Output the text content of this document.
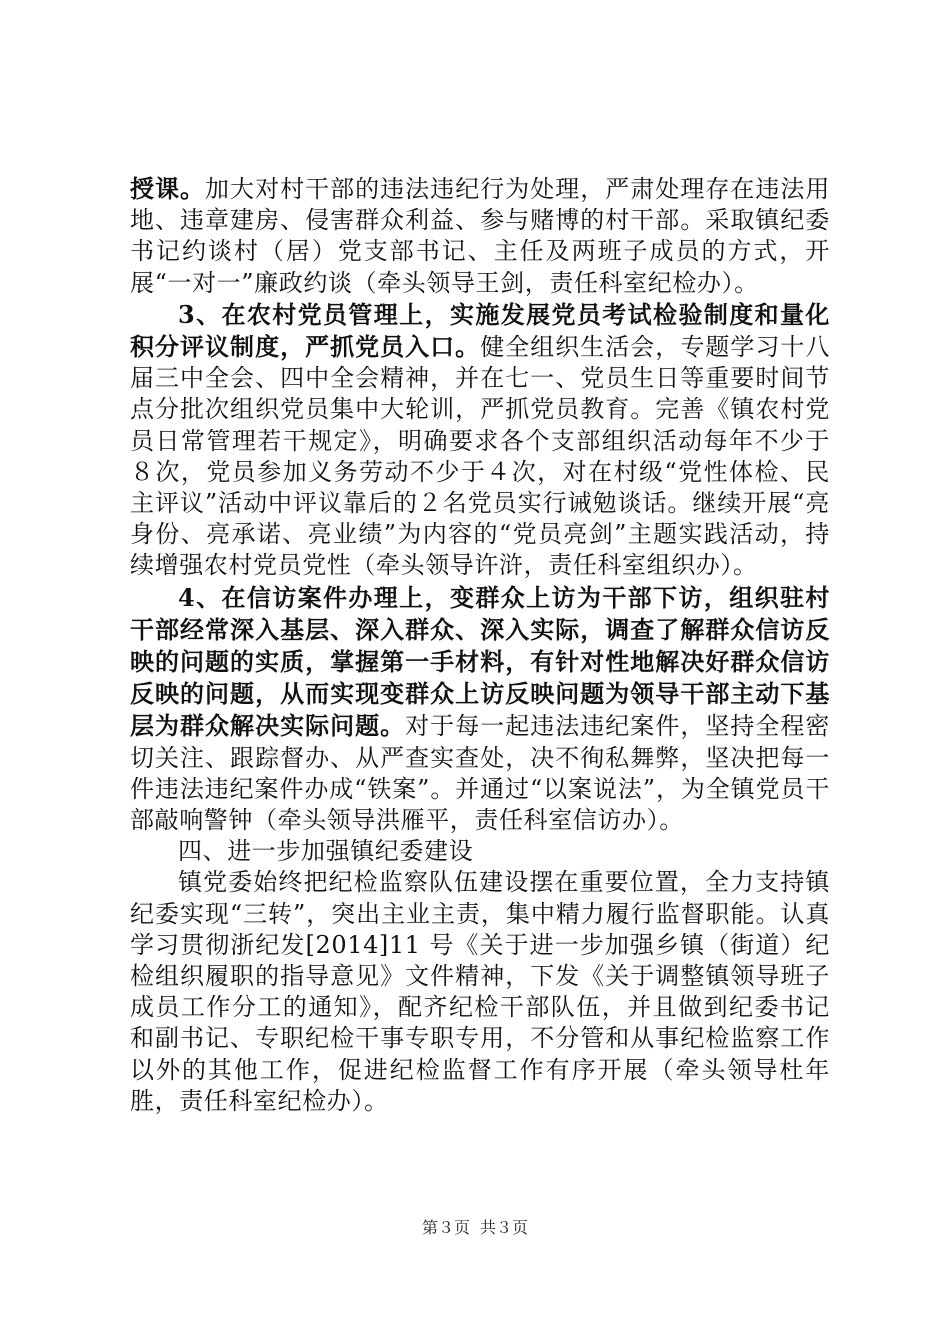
授课。加大对村干部的违法违纪行为处理，严肃处理存在违法用地、违章建房、侵害群众利益、参与赌博的村干部。采取镇纪委书记约谈村（居）党支部书记、主任及两班子成员的方式，开展“一对一”廉政约谈（牵头领导王剑，责任科室纪检办）。

3、在农村党员管理上，实施发展党员考试检验制度和量化积分评议制度，严抓党员入口。健全组织生活会，专题学习十八届三中全会、四中全会精神，并在七一、党员生日等重要时间节点分批次组织党员集中大轮训，严抓党员教育。完善《镇农村党员日常管理若干规定》，明确要求各个支部组织活动每年不少于８次，党员参加义务劳动不少于４次，对在村级“党性体检、民主评议”活动中评议靠后的２名党员实行诫勉谈话。继续开展“亮身份、亮承诺、亮业绩”为内容的“党员亮剑”主题实践活动，持续增强农村党员党性（牵头领导许浒，责任科室组织办）。

4、在信访案件办理上，变群众上访为干部下访，组织驻村干部经常深入基层、深入群众、深入实际，调查了解群众信访反映的问题的实质，掌握第一手材料，有针对性地解决好群众信访反映的问题，从而实现变群众上访反映问题为领导干部主动下基层为群众解决实际问题。对于每一起违法违纪案件，坚持全程密切关注、跟踪督办、从严查实查处，决不徇私舞弊，坚决把每一件违法违纪案件办成“铁案”。并通过“以案说法”，为全镇党员干部敲响警钟（牵头领导洪雁平，责任科室信访办）。

四、进一步加强镇纪委建设

镇党委始终把纪检监察队伍建设摆在重要位置，全力支持镇纪委实现“三转”，突出主业主责，集中精力履行监督职能。认真学习贯彻浙纪发[2014]11 号《关于进一步加强乡镇（街道）纪检组织履职的指导意见》文件精神，下发《关于调整镇领导班子成员工作分工的通知》，配齐纪检干部队伍，并且做到纪委书记和副书记、专职纪检干事专职专用，不分管和从事纪检监察工作以外的其他工作，促进纪检监督工作有序开展（牵头领导杜年胜，责任科室纪检办）。

第３页 共３页
